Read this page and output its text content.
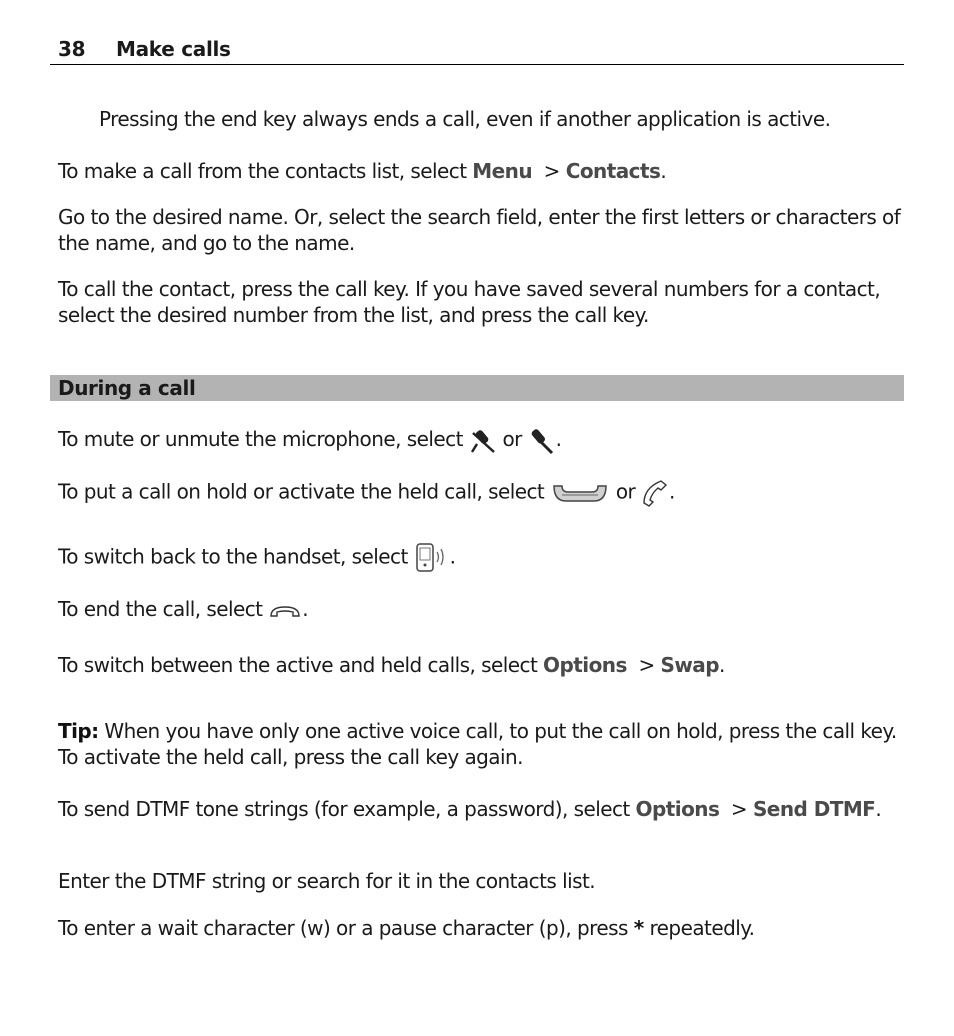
38 Make calls
Pressing the end key always ends a call, even if another application is active.
To make a call from the contacts list, select Menu  > Contacts.
Go to the desired name. Or, select the search field, enter the first letters or characters of the name, and go to the name.
To call the contact, press the call key. If you have saved several numbers for a contact, select the desired number from the list, and press the call key.
During a call
To mute or unmute the microphone, select
or
.
To put a call on hold or activate the held call, select	or
.
To switch back to the handset, select
.
To end the call, select
.
To switch between the active and held calls, select Options  > Swap.
Tip: When you have only one active voice call, to put the call on hold, press the call key. To activate the held call, press the call key again.
To send DTMF tone strings (for example, a password), select Options  > Send DTMF.
Enter the DTMF string or search for it in the contacts list.
To enter a wait character (w) or a pause character (p), press * repeatedly.
